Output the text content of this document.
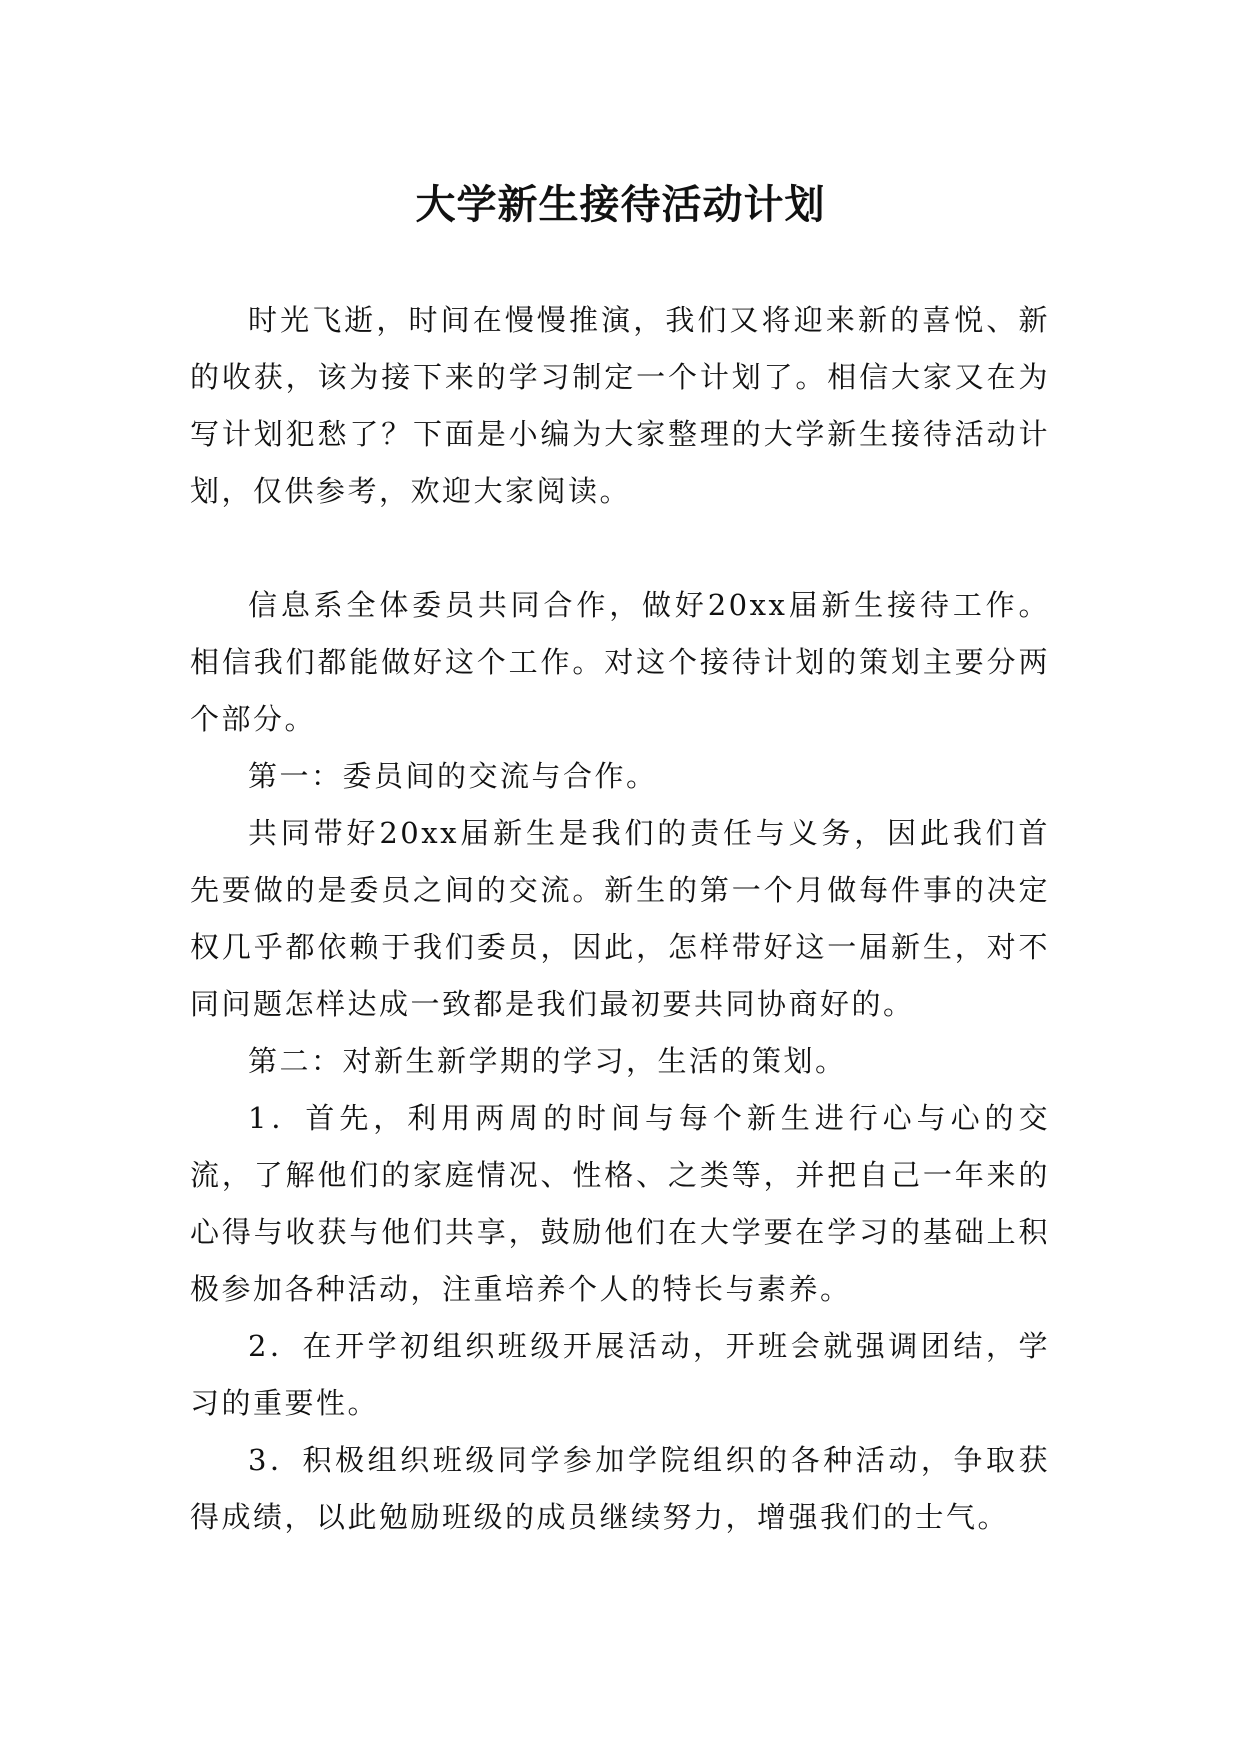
大学新生接待活动计划

时光飞逝，时间在慢慢推演，我们又将迎来新的喜悦、新的收获，该为接下来的学习制定一个计划了。相信大家又在为写计划犯愁了？下面是小编为大家整理的大学新生接待活动计划，仅供参考，欢迎大家阅读。

信息系全体委员共同合作，做好20xx届新生接待工作。相信我们都能做好这个工作。对这个接待计划的策划主要分两个部分。

第一：委员间的交流与合作。

共同带好20xx届新生是我们的责任与义务，因此我们首先要做的是委员之间的交流。新生的第一个月做每件事的决定权几乎都依赖于我们委员，因此，怎样带好这一届新生，对不同问题怎样达成一致都是我们最初要共同协商好的。

第二：对新生新学期的学习，生活的策划。

1．首先，利用两周的时间与每个新生进行心与心的交流，了解他们的家庭情况、性格、之类等，并把自己一年来的心得与收获与他们共享，鼓励他们在大学要在学习的基础上积极参加各种活动，注重培养个人的特长与素养。

2．在开学初组织班级开展活动，开班会就强调团结，学习的重要性。

3．积极组织班级同学参加学院组织的各种活动，争取获得成绩，以此勉励班级的成员继续努力，增强我们的士气。
